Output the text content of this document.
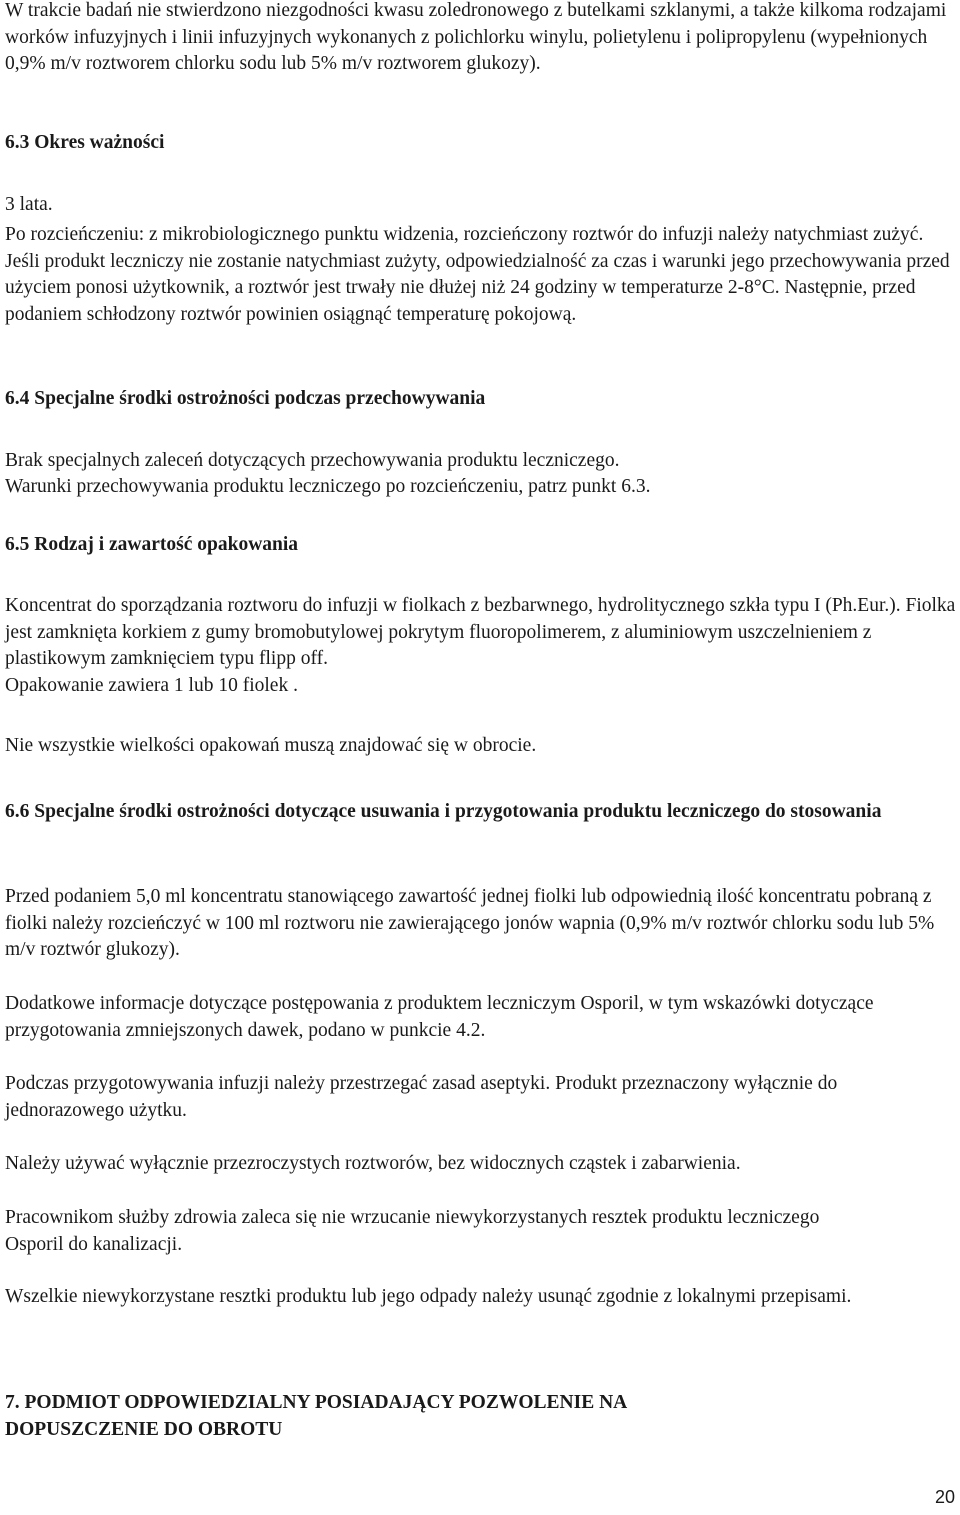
W trakcie badań nie stwierdzono niezgodności kwasu zoledronowego z butelkami szklanymi, a także kilkoma rodzajami worków infuzyjnych i linii infuzyjnych wykonanych z polichlorku winylu, polietylenu i polipropylenu (wypełnionych 0,9% m/v roztworem chlorku sodu lub 5% m/v roztworem glukozy).

6.3 Okres ważności

3 lata.

Po rozcieńczeniu: z mikrobiologicznego punktu widzenia, rozcieńczony roztwór do infuzji należy natychmiast zużyć. Jeśli produkt leczniczy nie zostanie natychmiast zużyty, odpowiedzialność za czas i warunki jego przechowywania przed użyciem ponosi użytkownik, a roztwór jest trwały nie dłużej niż 24 godziny w temperaturze 2-8°C. Następnie, przed podaniem schłodzony roztwór powinien osiągnąć temperaturę pokojową.

6.4 Specjalne środki ostrożności podczas przechowywania

Brak specjalnych zaleceń dotyczących przechowywania produktu leczniczego.

Warunki przechowywania produktu leczniczego po rozcieńczeniu, patrz punkt 6.3.

6.5 Rodzaj i zawartość opakowania

Koncentrat do sporządzania roztworu do infuzji w fiolkach z bezbarwnego, hydrolitycznego szkła typu I (Ph.Eur.). Fiolka jest zamknięta korkiem z gumy bromobutylowej pokrytym fluoropolimerem, z aluminiowym uszczelnieniem z plastikowym zamknięciem typu flipp off.

Opakowanie zawiera 1 lub 10 fiolek .

Nie wszystkie wielkości opakowań muszą znajdować się w obrocie.

6.6 Specjalne środki ostrożności dotyczące usuwania i przygotowania produktu leczniczego do stosowania

Przed podaniem 5,0 ml koncentratu stanowiącego zawartość jednej fiolki lub odpowiednią ilość koncentratu pobraną z fiolki należy rozcieńczyć w 100 ml roztworu nie zawierającego jonów wapnia (0,9% m/v roztwór chlorku sodu lub 5% m/v roztwór glukozy).

Dodatkowe informacje dotyczące postępowania z produktem leczniczym Osporil, w tym wskazówki dotyczące przygotowania zmniejszonych dawek, podano w punkcie 4.2.

Podczas przygotowywania infuzji należy przestrzegać zasad aseptyki. Produkt przeznaczony wyłącznie do jednorazowego użytku.

Należy używać wyłącznie przezroczystych roztworów, bez widocznych cząstek i zabarwienia.

Pracownikom służby zdrowia zaleca się nie wrzucanie niewykorzystanych resztek produktu leczniczego Osporil do kanalizacji.

Wszelkie niewykorzystane resztki produktu lub jego odpady należy usunąć zgodnie z lokalnymi przepisami.

7. PODMIOT ODPOWIEDZIALNY POSIADAJĄCY POZWOLENIE NA DOPUSZCZENIE DO OBROTU

20
